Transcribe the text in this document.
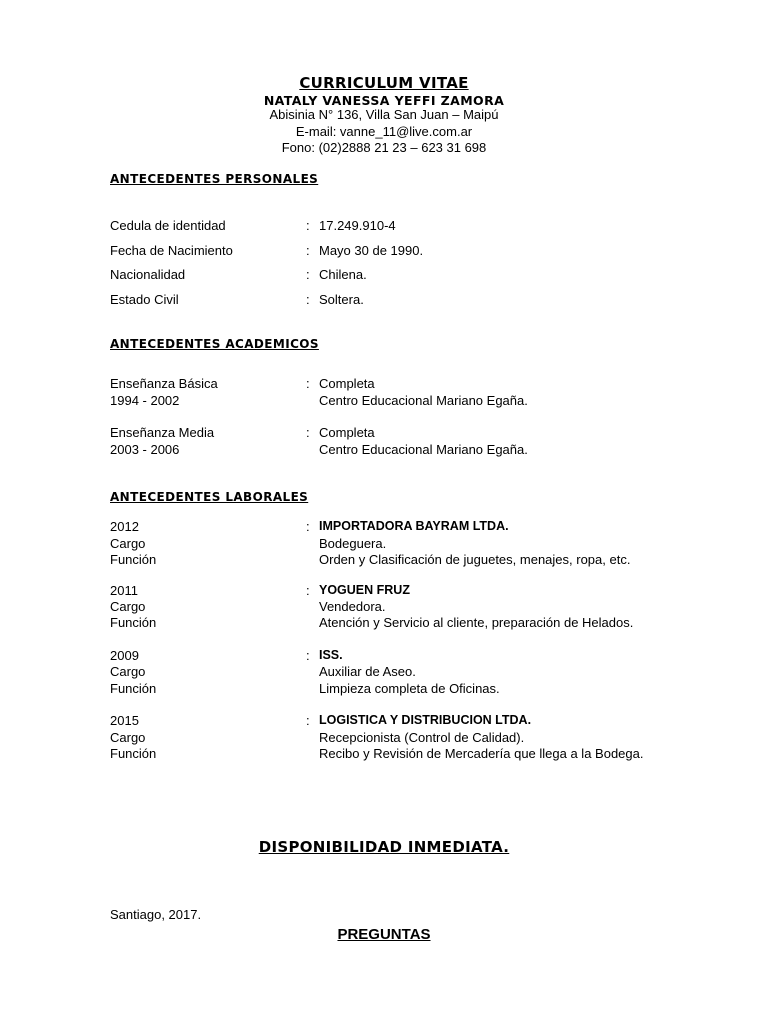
CURRICULUM VITAE
NATALY VANESSA YEFFI ZAMORA
Abisinia N° 136, Villa San Juan – Maipú
E-mail: vanne_11@live.com.ar
Fono: (02)2888 21 23 – 623 31 698
ANTECEDENTES PERSONALES
Cedula de identidad	: 17.249.910-4
Fecha de Nacimiento	: Mayo 30 de 1990.
Nacionalidad	: Chilena.
Estado Civil	: Soltera.
ANTECEDENTES ACADEMICOS
Enseñanza Básica	: Completa
1994 - 2002	Centro Educacional Mariano Egaña.
Enseñanza Media	: Completa
2003 - 2006	Centro Educacional Mariano Egaña.
ANTECEDENTES LABORALES
2012	: IMPORTADORA BAYRAM LTDA.
Cargo	Bodeguera.
Función	Orden y Clasificación de juguetes, menajes, ropa, etc.
2011	: YOGUEN FRUZ
Cargo	Vendedora.
Función	Atención y Servicio al cliente, preparación de Helados.
2009	: ISS.
Cargo	Auxiliar de Aseo.
Función	Limpieza completa de Oficinas.
2015	: LOGISTICA Y DISTRIBUCION LTDA.
Cargo	Recepcionista (Control de Calidad).
Función	Recibo y Revisión de Mercadería que llega a la Bodega.
DISPONIBILIDAD INMEDIATA.
Santiago, 2017.
PREGUNTAS
